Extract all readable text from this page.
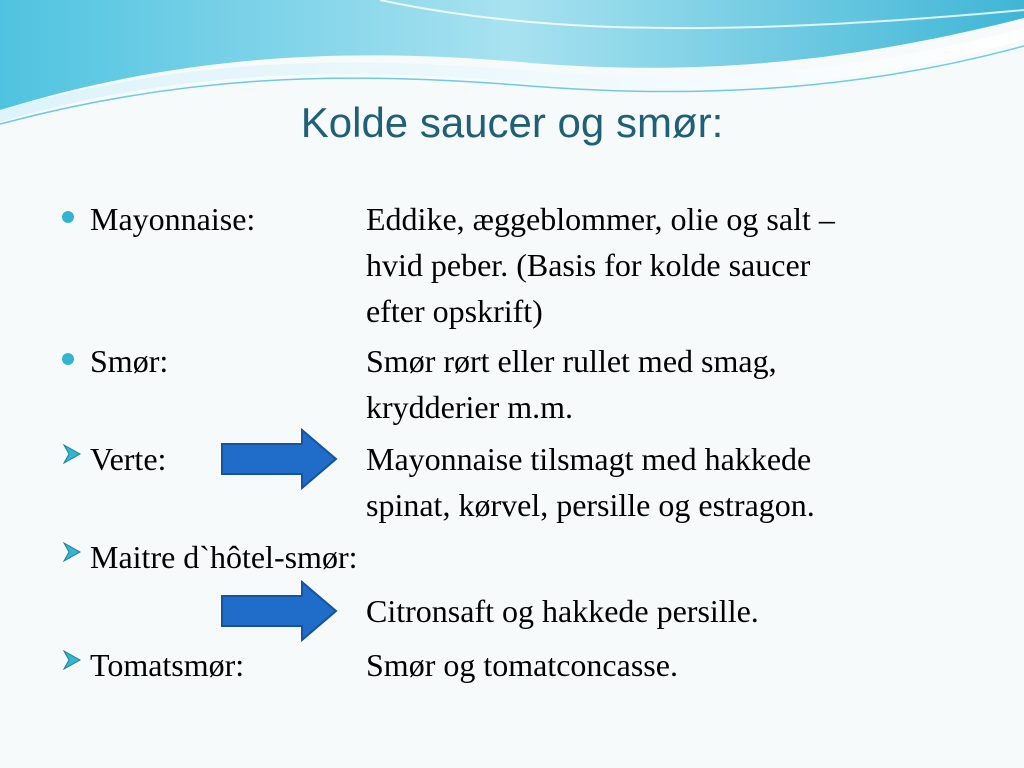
Kolde saucer og smør:
Mayonnaise:	Eddike, æggeblommer, olie og salt –
hvid peber. (Basis for kolde saucer
efter opskrift)
Smør:	Smør rørt eller rullet med smag,
krydderier m.m.
Verte:	Mayonnaise tilsmagt med hakkede
spinat, kørvel, persille og estragon.
Maitre d`hôtel-smør:
Citronsaft og hakkede persille.
Tomatsmør:	Smør og tomatconcasse.
